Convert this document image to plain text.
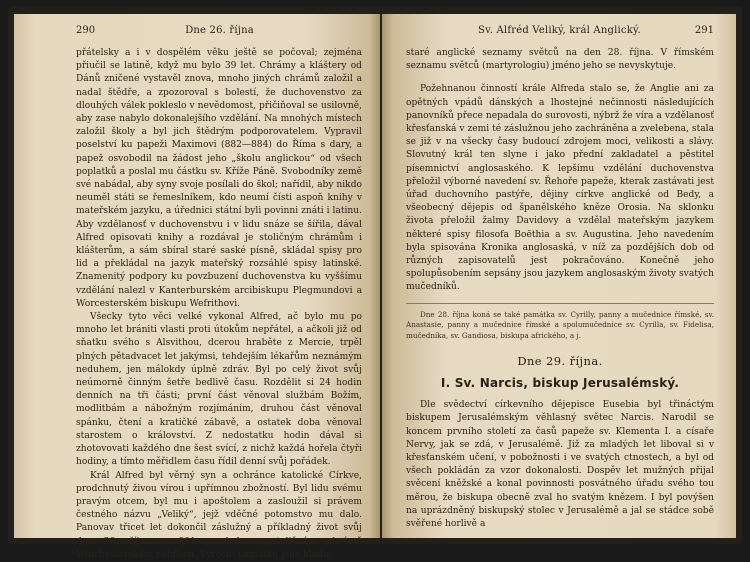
290	Dne 26. října

přátelsky a i v dospělém věku ještě se počoval; zejména přiučil se latině, když mu bylo 39 let. Chrámy a kláštery od Dánů zničené vystavěl znova, mnoho jiných chrámů založil a nadal štědře, a zpozoroval s bolestí, že duchovenstvo za dlouhých válek pokleslo v nevědomost, přičiňoval se usilovně, aby zase nabylo dokonalejšího vzdělání. Na mnohých místech založil školy a byl jich štědrým podporovatelem. Vypravil poselství ku papeži Maximovi (882—884) do Říma s dary, a papež osvobodil na žádost jeho „školu anglickou“ od všech poplatků a poslal mu částku sv. Kříže Páně. Svobodníky země své nabádal, aby syny svoje posílali do škol; nařídil, aby nikdo neuměl státi se řemeslníkem, kdo neumí čísti aspoň knihy v mateřském jazyku, a úřednici státní byli povinni znáti i latinu. Aby vzdělanosť v duchovenstvu i v lidu snáze se šířila, dával Alfred opisovati knihy a rozdával je stoličným chrámům i klášterům, a sám sbíral staré saské písně, skládal spisy pro lid a překládal na jazyk mateřský rozsáhlé spisy latinské. Znamenitý podpory ku povzbuzení duchovenstva ku vyššímu vzdělání nalezl v Kanterburském arcibiskupu Plegmundovi a Worcesterském biskupu Wefrithovi.

Všecky tyto věci velké vykonal Alfred, ač bylo mu po mnoho let brániti vlasti proti útokům nepřátel, a ačkoli již od sňatku svého s Alsvithou, dcerou hraběte z Mercie, trpěl plných pětadvacet let jakýmsi, tehdejším lékařům neznámým neduhem, jen málokdy úplně zdráv. Byl po celý život svůj neúmorně činným šetře bedlivě času. Rozdělit si 24 hodin denních na tři části; první část věnoval službám Božím, modlitbám a nábožným rozjímáním, druhou část věnoval spánku, čtení a kratičké zábavě, a ostatek doba věnoval starostem o království. Z nedostatku hodin dával si zhotovovati každého dne šest svící, z nichž každá hořela čtyři hodiny, a tímto měřidlem času řídil denní svůj pořádek.

Král Alfred byl věrný syn a ochránce katolické Církve, prodchnutý živou vírou i upřímnou zbožností. Byl lidu svému pravým otcem, byl mu i apoštolem a zasloužil si právem čestného názvu „Veliký“, jejž vděčné potomstvo mu dalo. Panovav třicet let dokončil záslužný a příkladný život svůj dne 28. října r. 901. a byl ve stoličném chrámě Winchesterském pohřben. Výroční památku jeho kladou

Sv. Alfréd Veliký, král Anglický.	291

staré anglické seznamy světců na den 28. října. V římském seznamu světců (martyrologiu) jméno jeho se nevyskytuje.

Požehnanou činností krále Alfreda stalo se, že Anglie ani za opětných vpádů dánských a lhostejné nečinnosti následujících panovníků přece nepadala do surovosti, nýbrž že víra a vzdělanosť křesťanská v zemi té záslužnou jeho zachráněna a zvelebena, stala se již v na všecky časy budoucí zdrojem moci, velikosti a slávy. Slovutný král ten slyne i jako přední zakladatel a pěstitel písemnictví anglosaského. K lepšímu vzdělání duchovenstva přeložil výborné navedení sv. Řehoře papeže, kterak zastávati jest úřad duchovního pastýře, dějiny církve anglické od Bedy, a všeobecný dějepis od španělského kněze Orosia. Na sklonku života přeložil žalmy Davidovy a vzdělal mateřským jazykem některé spisy filosofa Boëthia a sv. Augustina. Jeho navedením byla spisována Kronika anglosaská, v níž za pozdějších dob od různých zapisovatelů jest pokračováno. Konečně jeho spolupůsobením sepsány jsou jazykem anglosaským životy svatých mučedníků.

Dne 28. října koná se také památka sv. Cyrilly, panny a mučednice římské, sv. Anastasie, panny a mučednice římské a spolumučednice sv. Cyrilla, sv. Fidelisa, mučedníka, sv. Gandiosa, biskupa afrického, a j.

Dne 29. října.
I. Sv. Narcis, biskup Jerusalémský.

Dle svědectví církevního dějepisce Eusebia byl třináctým biskupem Jerusalémským věhlasný světec Narcis. Narodil se koncem prvního století za časů papeže sv. Klementa I. a císaře Nervy, jak se zdá, v Jerusalémě. Již za mladých let liboval si v křesťanském učení, v pobožnosti i ve svatých ctnostech, a byl od všech pokládán za vzor dokonalosti. Dospěv let mužných přijal svěcení kněžské a konal povinnosti posvátného úřadu svého tou měrou, že biskupa obecně zval ho svatým knězem. I byl povýšen na uprázdněný biskupský stolec v Jerusalémě a jal se stádce sobě svěřené horlivě a
